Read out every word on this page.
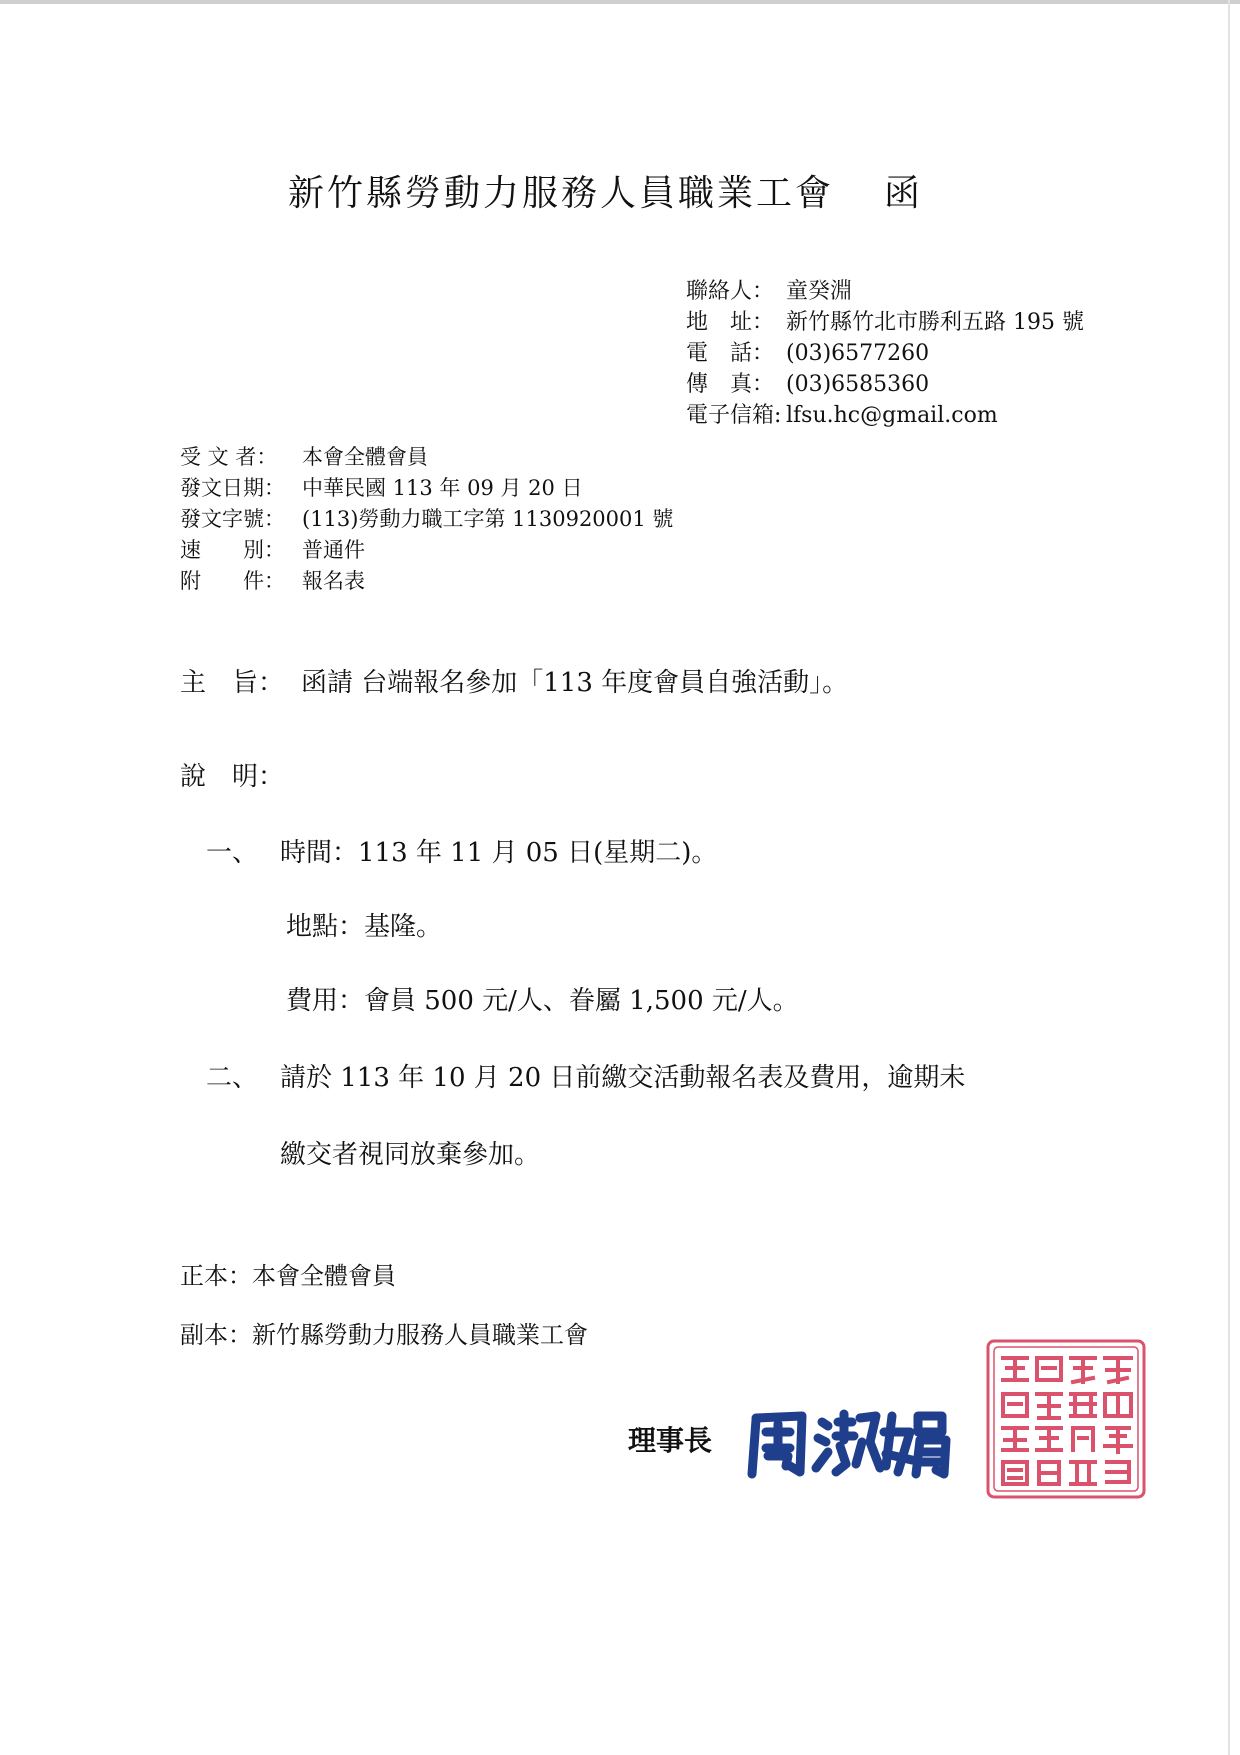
新竹縣勞動力服務人員職業工會 函
聯絡人： 童癸淵
地　址： 新竹縣竹北市勝利五路 195 號
電　話： (03)6577260
傳　真： (03)6585360
電子信箱: lfsu.hc@gmail.com
受 文 者： 本會全體會員
發文日期： 中華民國 113 年 09 月 20 日
發文字號： (113)勞動力職工字第 1130920001 號
速　　別： 普通件
附　　件： 報名表
主　旨： 函請 台端報名參加「113 年度會員自強活動」。
說　明：
一、 時間：113 年 11 月 05 日(星期二)。
地點：基隆。
費用：會員 500 元/人、眷屬 1,500 元/人。
二、 請於 113 年 10 月 20 日前繳交活動報名表及費用，逾期未
繳交者視同放棄參加。
正本：本會全體會員
副本：新竹縣勞動力服務人員職業工會
理事長
